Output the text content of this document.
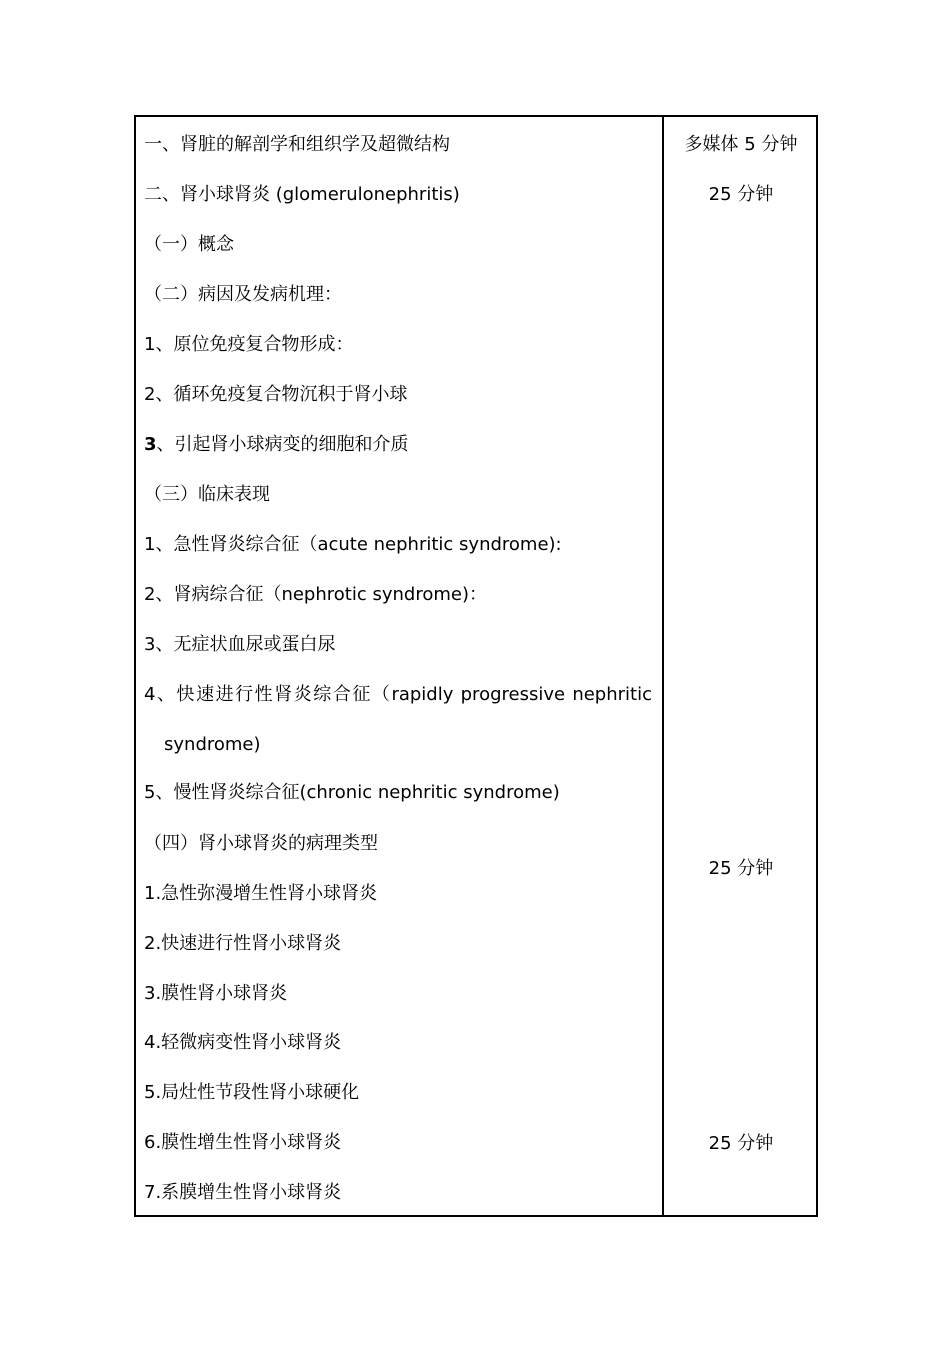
一、肾脏的解剖学和组织学及超微结构
二、肾小球肾炎 (glomerulonephritis)
（一）概念
（二）病因及发病机理：
1、原位免疫复合物形成：
2、循环免疫复合物沉积于肾小球
3、引起肾小球病变的细胞和介质
（三）临床表现
1、急性肾炎综合征（acute nephritic syndrome):
2、肾病综合征（nephrotic syndrome)：
3、无症状血尿或蛋白尿
4、快速进行性肾炎综合征（rapidly progressive nephritic
syndrome)
5、慢性肾炎综合征(chronic nephritic syndrome)
（四）肾小球肾炎的病理类型
1.急性弥漫增生性肾小球肾炎
2.快速进行性肾小球肾炎
3.膜性肾小球肾炎
4.轻微病变性肾小球肾炎
5.局灶性节段性肾小球硬化
6.膜性增生性肾小球肾炎
7.系膜增生性肾小球肾炎
多媒体 5 分钟
25 分钟
25 分钟
25 分钟
